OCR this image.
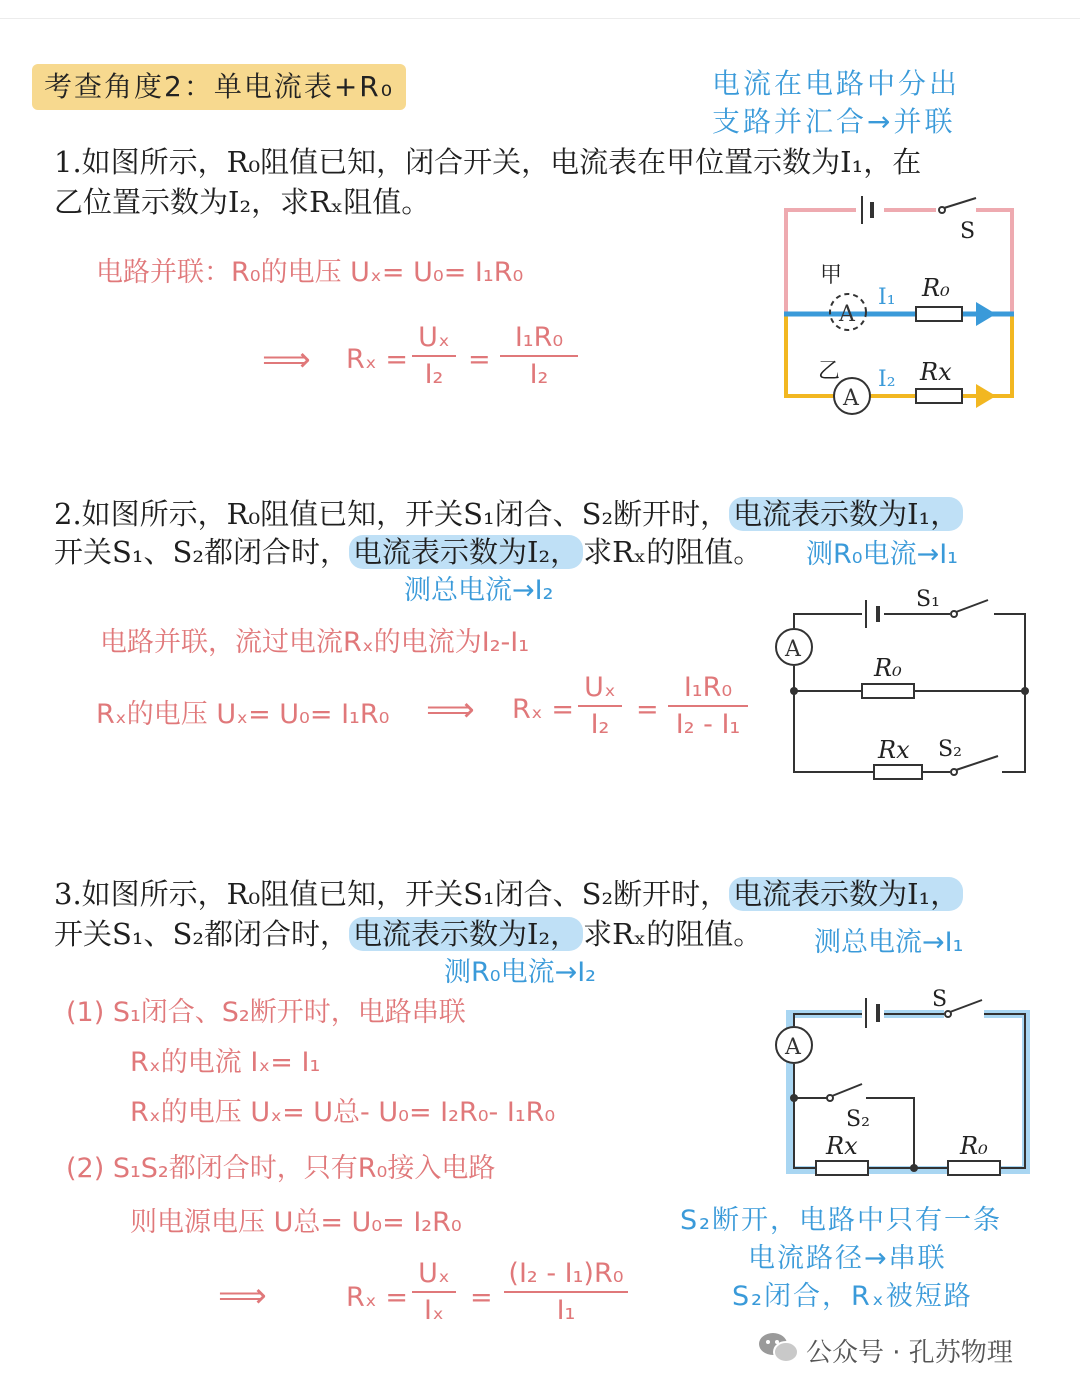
考查角度2：单电流表+R₀	电流在电路中分出
支路并汇合→并联
1.如图所示，R₀阻值已知，闭合开关，电流表在甲位置示数为I₁，在
乙位置示数为I₂，求Rₓ阻值。
电路并联：R₀的电压 Uₓ= U₀= I₁R₀
⟹ Rₓ =
Uₓ
I₂ =
I₁R₀
I₂
S
A
A
甲
乙
R₀
Rx
I₁
I₂
2.如图所示，R₀阻值已知，开关S₁闭合、S₂断开时， 电流表示数为I₁，
开关S₁、S₂都闭合时， 电流表示数为I₂， 求Rₓ的阻值。 测R₀电流→I₁
测总电流→I₂
电路并联，流过电流Rₓ的电流为I₂-I₁
Rₓ的电压 Uₓ= U₀= I₁R₀ ⟹ Rₓ =
Uₓ
I₂ =
I₁R₀
I₂ - I₁
S₁
A
R₀
Rx S₂
3.如图所示，R₀阻值已知，开关S₁闭合、S₂断开时， 电流表示数为I₁，
开关S₁、S₂都闭合时， 电流表示数为I₂， 求Rₓ的阻值。 测总电流→I₁
测R₀电流→I₂
(1) S₁闭合、S₂断开时，电路串联
Rₓ的电流 Iₓ= I₁
Rₓ的电压 Uₓ= U总- U₀= I₂R₀- I₁R₀
(2) S₁S₂都闭合时，只有R₀接入电路
则电源电压 U总= U₀= I₂R₀
⟹	Rₓ =
Uₓ
Iₓ =
(I₂ - I₁)R₀
I₁
S
A
S₂
Rx	R₀
S₂断开，电路中只有一条
电流路径→串联
S₂闭合，Rₓ被短路
公众号 · 孔苏物理
